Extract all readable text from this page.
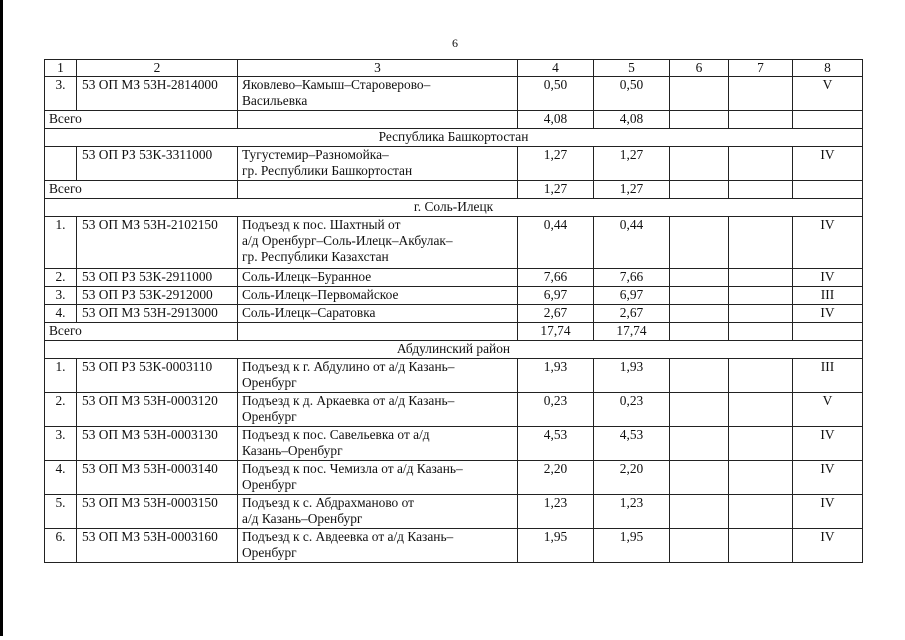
6
1	2	3	4	5	6	7	8
3.	53 ОП МЗ 53Н-2814000	Яковлево–Камыш–Староверово–
Васильевка	0,50	0,50			V
Всего			4,08	4,08			
Республика Башкортостан							
	53 ОП РЗ 53К-3311000	Тугустемир–Разномойка–
гр. Республики Башкортостан	1,27	1,27			IV
Всего			1,27	1,27			
г. Соль-Илецк							
1.	53 ОП МЗ 53Н-2102150	Подъезд к пос. Шахтный от
а/д Оренбург–Соль-Илецк–Акбулак–
гр. Республики Казахстан	0,44	0,44			IV
2.	53 ОП РЗ 53К-2911000	Соль-Илецк–Буранное	7,66	7,66			IV
3.	53 ОП РЗ 53К-2912000	Соль-Илецк–Первомайское	6,97	6,97			III
4.	53 ОП МЗ 53Н-2913000	Соль-Илецк–Саратовка	2,67	2,67			IV
Всего			17,74	17,74			
Абдулинский район							
1.	53 ОП РЗ 53К-0003110	Подъезд к г. Абдулино от а/д Казань–
Оренбург	1,93	1,93			III
2.	53 ОП МЗ 53Н-0003120	Подъезд к д. Аркаевка от а/д Казань–
Оренбург	0,23	0,23			V
3.	53 ОП МЗ 53Н-0003130	Подъезд к пос. Савельевка от а/д
Казань–Оренбург	4,53	4,53			IV
4.	53 ОП МЗ 53Н-0003140	Подъезд к пос. Чемизла от а/д Казань–
Оренбург	2,20	2,20			IV
5.	53 ОП МЗ 53Н-0003150	Подъезд к с. Абдрахманово от
а/д Казань–Оренбург	1,23	1,23			IV
6.	53 ОП МЗ 53Н-0003160	Подъезд к с. Авдеевка от а/д Казань–
Оренбург	1,95	1,95			IV
